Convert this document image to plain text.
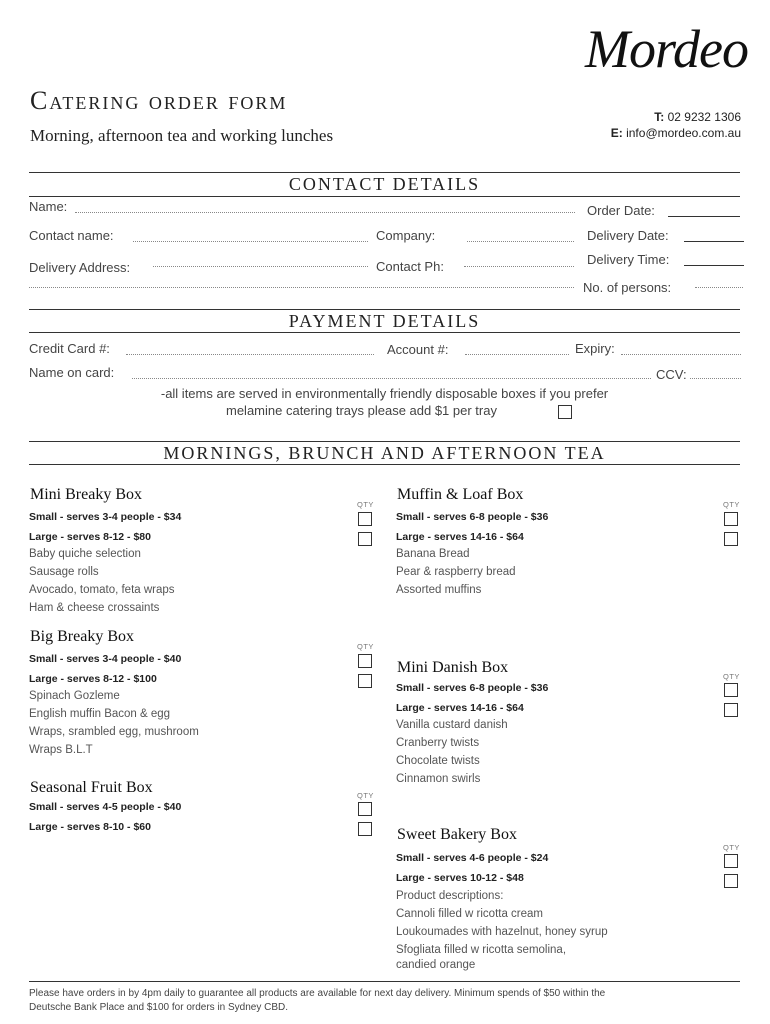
Mordeo
T: 02 9232 1306
E: info@mordeo.com.au
Catering order form
Morning, afternoon tea and working lunches
CONTACT DETAILS
Name:	Order Date:
Contact name:	Company:	Delivery Date:
Delivery Address:	Contact Ph:	Delivery Time:
No. of persons:
PAYMENT DETAILS
Credit Card #:	Account #:	Expiry:
Name on card:	CCV:
-all items are served in environmentally friendly disposable boxes if you prefer
melamine catering trays please add $1 per tray
MORNINGS, BRUNCH AND AFTERNOON TEA
Mini Breaky Box
QTY
Small - serves 3-4 people - $34
Large - serves 8-12 - $80
Baby quiche selection
Sausage rolls
Avocado, tomato, feta wraps
Ham & cheese crossaints
Big Breaky Box
QTY
Small - serves 3-4 people - $40
Large - serves 8-12 - $100
Spinach Gozleme
English muffin Bacon & egg
Wraps, srambled egg, mushroom
Wraps B.L.T
Seasonal Fruit Box	QTY
Small - serves 4-5 people - $40
Large - serves 8-10 - $60
Muffin & Loaf Box
QTY
Small - serves 6-8 people - $36
Large - serves 14-16 - $64
Banana Bread
Pear & raspberry bread
Assorted muffins
Mini Danish Box
QTY
Small - serves 6-8 people - $36
Large - serves 14-16 - $64
Vanilla custard danish
Cranberry twists
Chocolate twists
Cinnamon swirls
Sweet Bakery Box
QTY
Small - serves 4-6 people - $24
Large - serves 10-12 - $48
Product descriptions:
Cannoli filled w ricotta cream
Loukoumades with hazelnut, honey syrup
Sfogliata filled w ricotta semolina,
candied orange
Please have orders in by 4pm daily to guarantee all products are available for next day delivery. Minimum spends of $50 within the
Deutsche Bank Place and $100 for orders in Sydney CBD.
